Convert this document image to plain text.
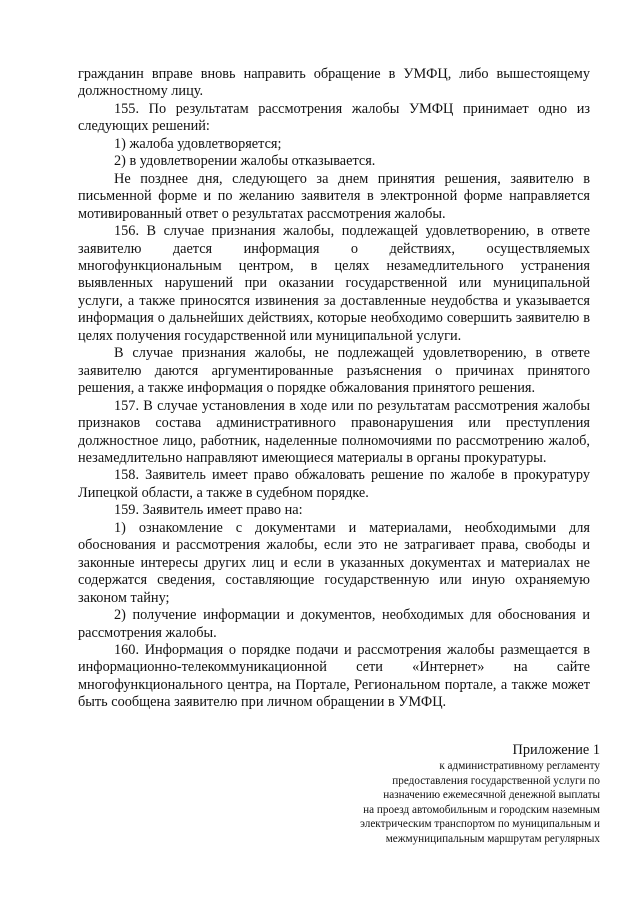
гражданин вправе вновь направить обращение в УМФЦ, либо вышестоящему должностному лицу.

155. По результатам рассмотрения жалобы УМФЦ принимает одно из следующих решений:

1) жалоба удовлетворяется;

2) в удовлетворении жалобы отказывается.

Не позднее дня, следующего за днем принятия решения, заявителю в письменной форме и по желанию заявителя в электронной форме направляется мотивированный ответ о результатах рассмотрения жалобы.

156. В случае признания жалобы, подлежащей удовлетворению, в ответе заявителю дается информация о действиях, осуществляемых многофункциональным центром, в целях незамедлительного устранения выявленных нарушений при оказании государственной или муниципальной услуги, а также приносятся извинения за доставленные неудобства и указывается информация о дальнейших действиях, которые необходимо совершить заявителю в целях получения государственной или муниципальной услуги.

В случае признания жалобы, не подлежащей удовлетворению, в ответе заявителю даются аргументированные разъяснения о причинах принятого решения, а также информация о порядке обжалования принятого решения.

157. В случае установления в ходе или по результатам рассмотрения жалобы признаков состава административного правонарушения или преступления должностное лицо, работник, наделенные полномочиями по рассмотрению жалоб, незамедлительно направляют имеющиеся материалы в органы прокуратуры.

158. Заявитель имеет право обжаловать решение по жалобе в прокуратуру Липецкой области, а также в судебном порядке.

159. Заявитель имеет право на:

1) ознакомление с документами и материалами, необходимыми для обоснования и рассмотрения жалобы, если это не затрагивает права, свободы и законные интересы других лиц и если в указанных документах и материалах не содержатся сведения, составляющие государственную или иную охраняемую законом тайну;

2) получение информации и документов, необходимых для обоснования и рассмотрения жалобы.

160. Информация о порядке подачи и рассмотрения жалобы размещается в информационно-телекоммуникационной сети «Интернет» на сайте многофункционального центра, на Портале, Региональном портале, а также может быть сообщена заявителю при личном обращении в УМФЦ.

Приложение 1

к административному регламенту

предоставления государственной услуги по

назначению ежемесячной денежной выплаты

на проезд автомобильным и городским наземным

электрическим транспортом по муниципальным и

межмуниципальным маршрутам регулярных
